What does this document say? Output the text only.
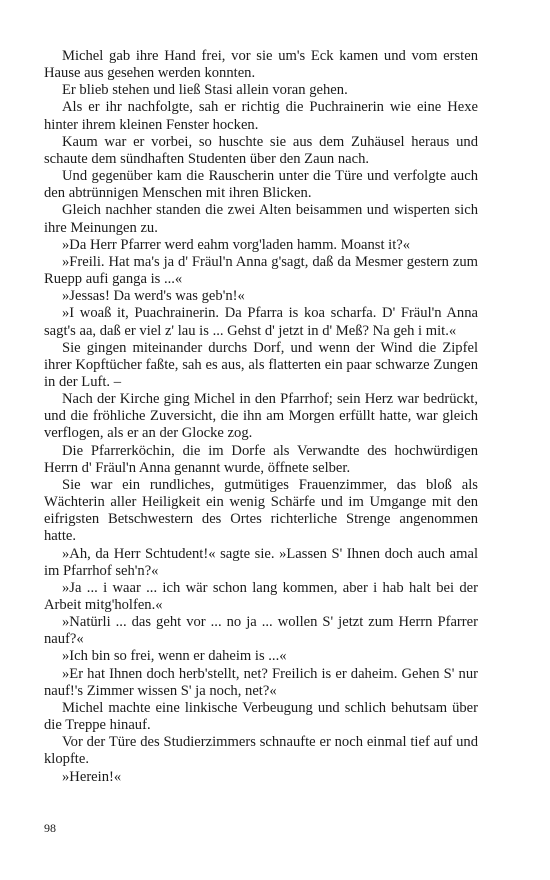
Michel gab ihre Hand frei, vor sie um's Eck kamen und vom ersten Hause aus gesehen werden konnten.

Er blieb stehen und ließ Stasi allein voran gehen.

Als er ihr nachfolgte, sah er richtig die Puchrainerin wie eine Hexe hinter ihrem kleinen Fenster hocken.

Kaum war er vorbei, so huschte sie aus dem Zuhäusel heraus und schaute dem sündhaften Studenten über den Zaun nach.

Und gegenüber kam die Rauscherin unter die Türe und verfolgte auch den abtrünnigen Menschen mit ihren Blicken.

Gleich nachher standen die zwei Alten beisammen und wisperten sich ihre Meinungen zu.

»Da Herr Pfarrer werd eahm vorg'laden hamm. Moanst it?«

»Freili. Hat ma's ja d' Fräul'n Anna g'sagt, daß da Mesmer gestern zum Ruepp aufi ganga is ...«

»Jessas! Da werd's was geb'n!«

»I woaß it, Puachrainerin. Da Pfarra is koa scharfa. D' Fräul'n Anna sagt's aa, daß er viel z' lau is ... Gehst d' jetzt in d' Meß? Na geh i mit.«

Sie gingen miteinander durchs Dorf, und wenn der Wind die Zipfel ihrer Kopftücher faßte, sah es aus, als flatterten ein paar schwarze Zungen in der Luft. –

Nach der Kirche ging Michel in den Pfarrhof; sein Herz war bedrückt, und die fröhliche Zuversicht, die ihn am Morgen erfüllt hatte, war gleich verflogen, als er an der Glocke zog.

Die Pfarrerköchin, die im Dorfe als Verwandte des hochwürdigen Herrn d' Fräul'n Anna genannt wurde, öffnete selber.

Sie war ein rundliches, gutmütiges Frauenzimmer, das bloß als Wächterin aller Heiligkeit ein wenig Schärfe und im Umgange mit den eifrigsten Betschwestern des Ortes richterliche Strenge angenommen hatte.

»Ah, da Herr Schtudent!« sagte sie. »Lassen S' Ihnen doch auch amal im Pfarrhof seh'n?«

»Ja ... i waar ... ich wär schon lang kommen, aber i hab halt bei der Arbeit mitg'holfen.«

»Natürli ... das geht vor ... no ja ... wollen S' jetzt zum Herrn Pfarrer nauf?«

»Ich bin so frei, wenn er daheim is ...«

»Er hat Ihnen doch herb'stellt, net? Freilich is er daheim. Gehen S' nur nauf!'s Zimmer wissen S' ja noch, net?«

Michel machte eine linkische Verbeugung und schlich behutsam über die Treppe hinauf.

Vor der Türe des Studierzimmers schnaufte er noch einmal tief auf und klopfte.

»Herein!«

98
